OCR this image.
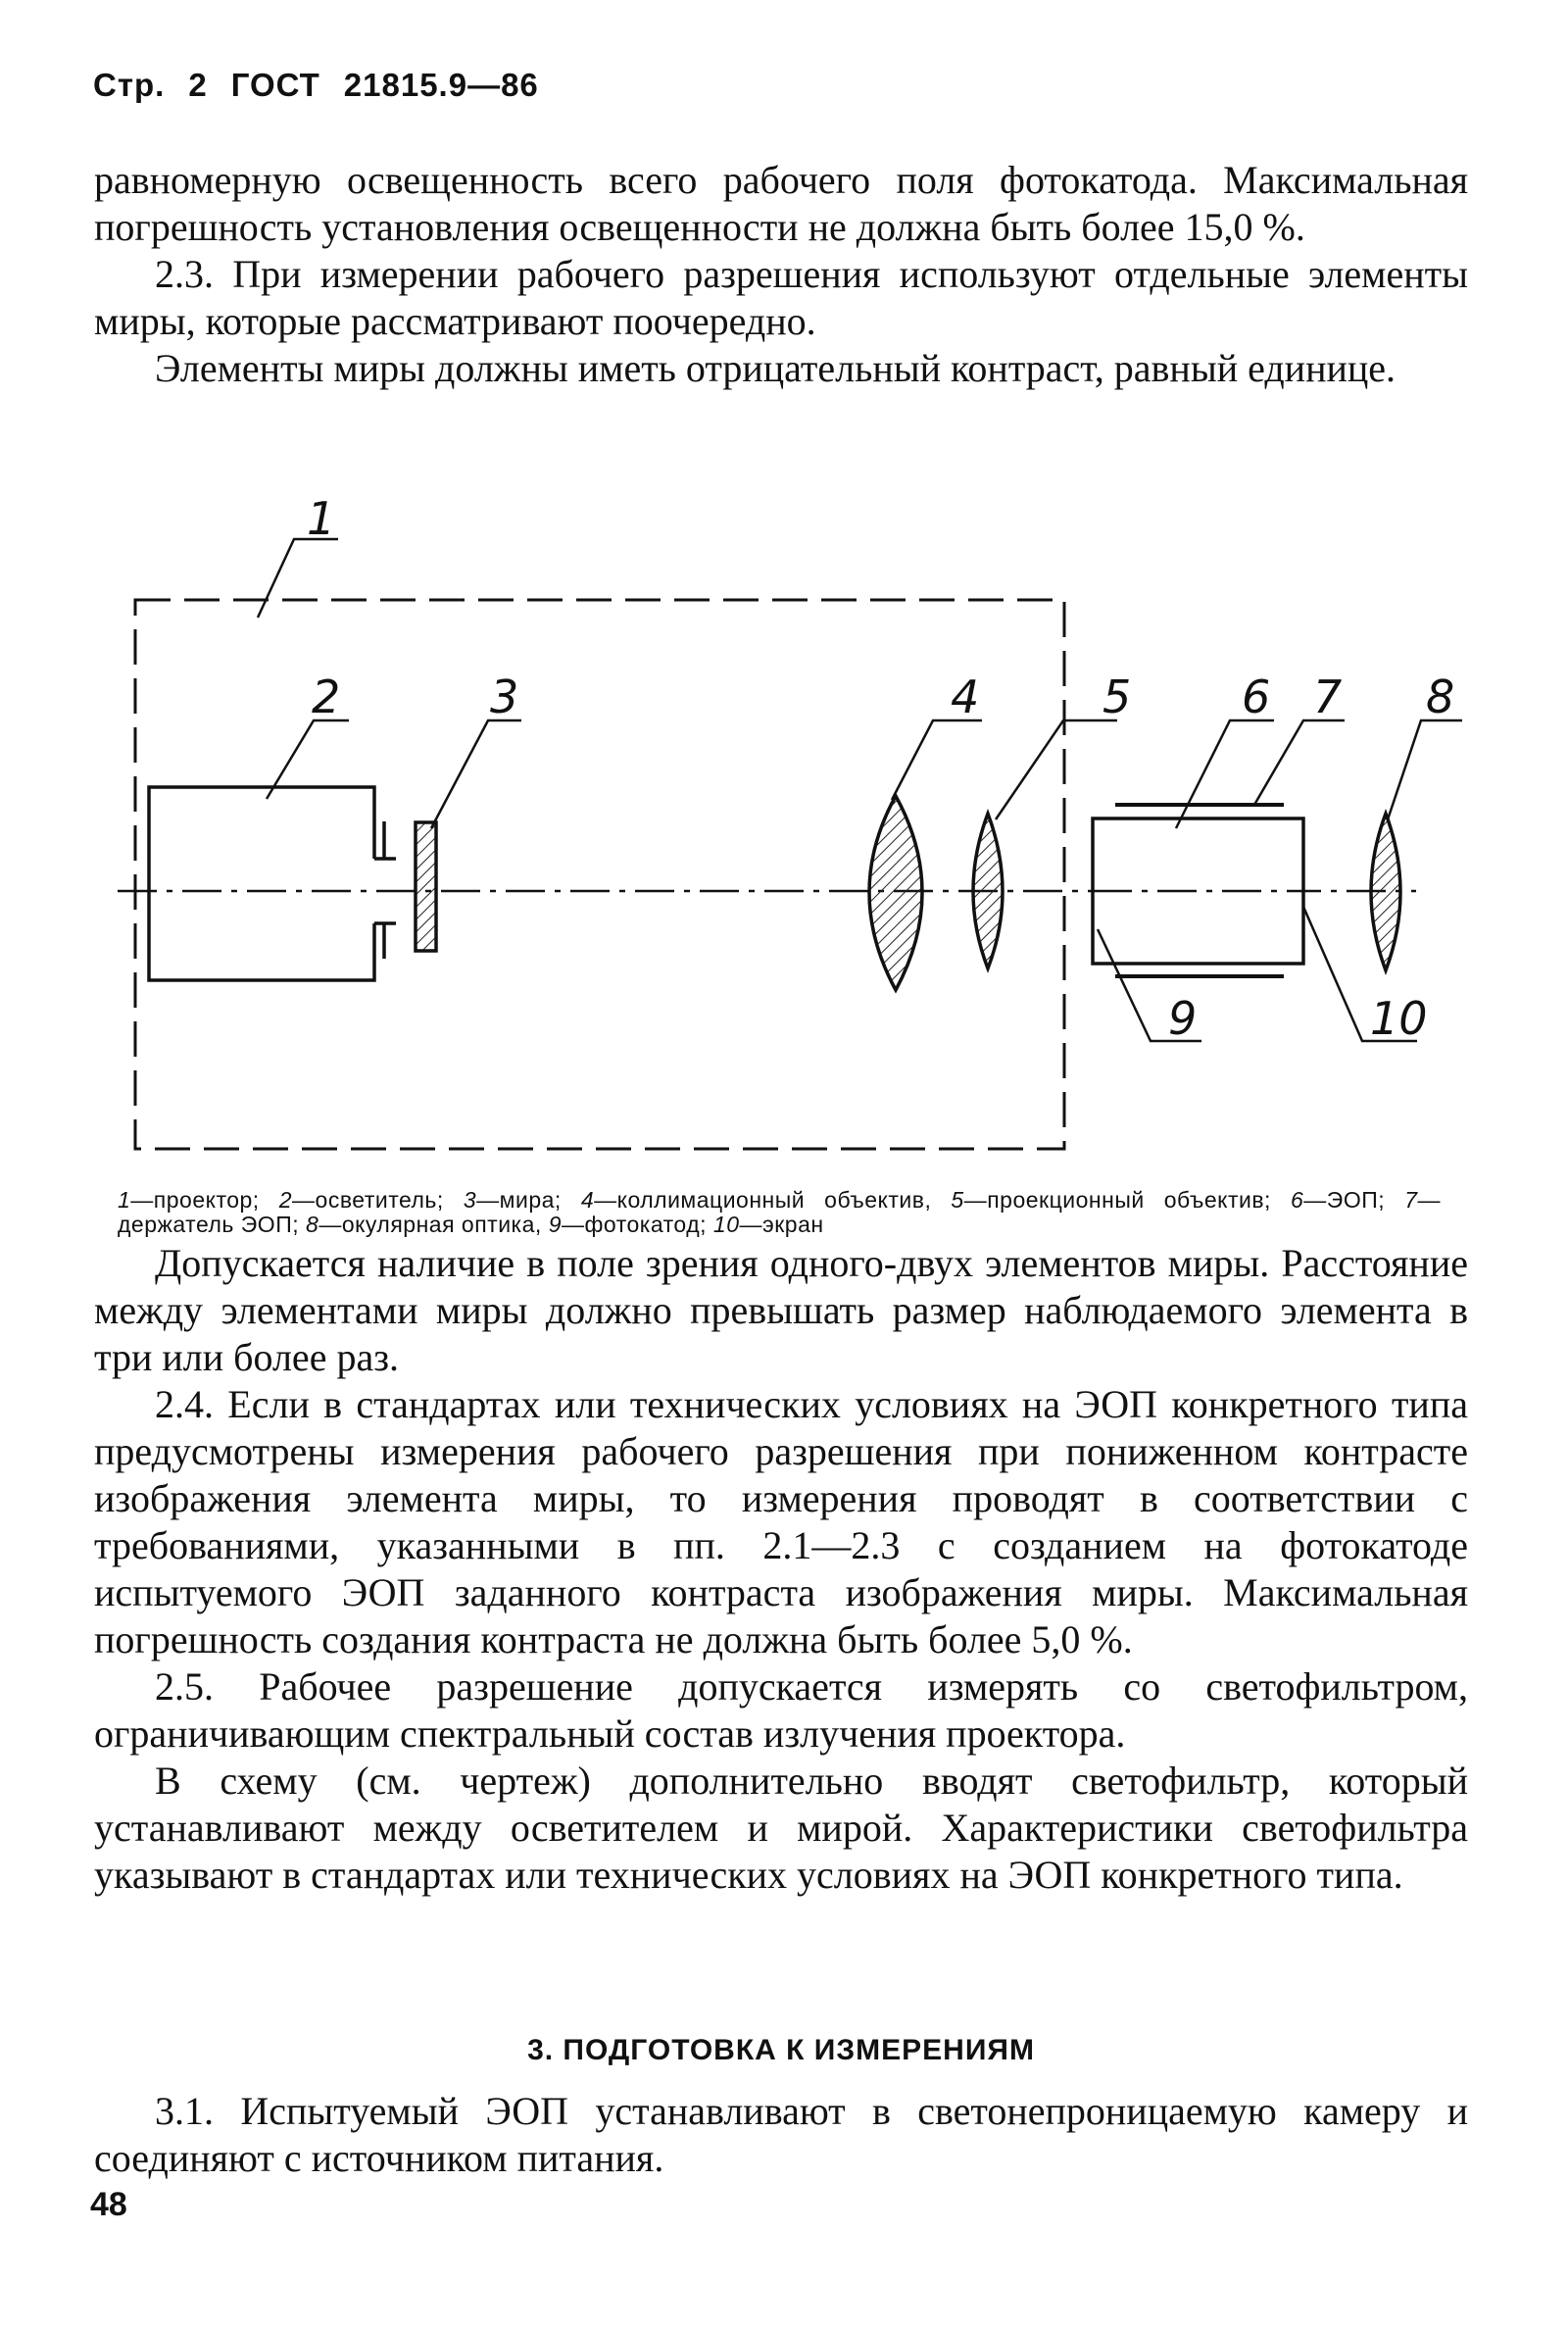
Стр. 2 ГОСТ 21815.9—86

равномерную освещенность всего рабочего поля фотокатода. Максимальная погрешность установления освещенности не должна быть более 15,0 %.

2.3. При измерении рабочего разрешения используют отдельные элементы миры, которые рассматривают поочередно.

Элементы миры должны иметь отрицательный контраст, равный единице.

1
2	3	4	5 6 7 8
9	10
1—проектор; 2—осветитель; 3—мира; 4—коллимационный объектив, 5—проекционный объектив; 6—ЭОП; 7—держатель ЭОП; 8—окулярная оптика, 9—фотокатод; 10—экран

Допускается наличие в поле зрения одного-двух элементов миры. Расстояние между элементами миры должно превышать размер наблюдаемого элемента в три или более раз.

2.4. Если в стандартах или технических условиях на ЭОП конкретного типа предусмотрены измерения рабочего разрешения при пониженном контрасте изображения элемента миры, то измерения проводят в соответствии с требованиями, указанными в пп. 2.1—2.3 с созданием на фотокатоде испытуемого ЭОП заданного контраста изображения миры. Максимальная погрешность создания контраста не должна быть более 5,0 %.

2.5. Рабочее разрешение допускается измерять со светофильтром, ограничивающим спектральный состав излучения проектора.

В схему (см. чертеж) дополнительно вводят светофильтр, который устанавливают между осветителем и мирой. Характеристики светофильтра указывают в стандартах или технических условиях на ЭОП конкретного типа.

3. ПОДГОТОВКА К ИЗМЕРЕНИЯМ

3.1. Испытуемый ЭОП устанавливают в светонепроницаемую камеру и соединяют с источником питания.

48
